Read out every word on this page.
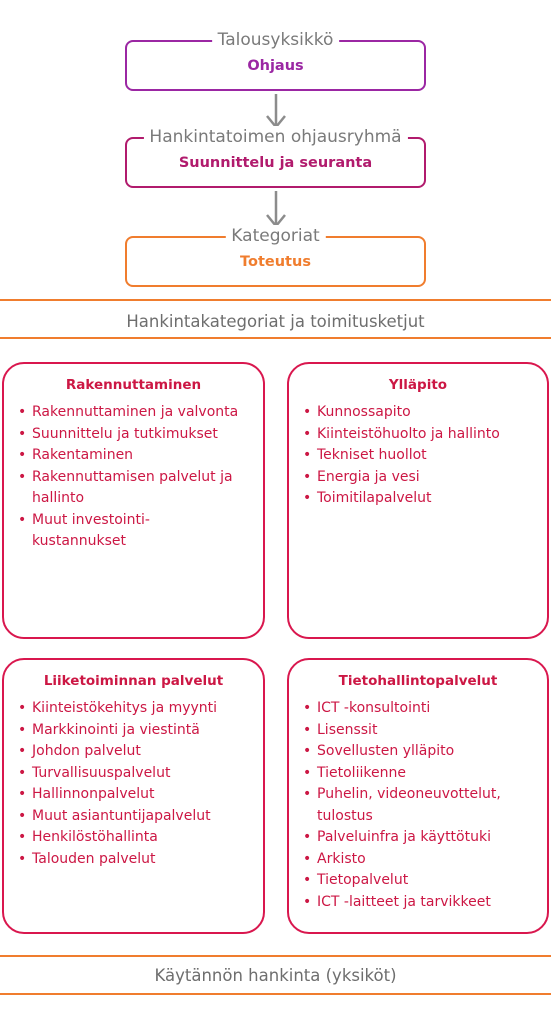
Talousyksikkö
Ohjaus
Hankintatoimen ohjausryhmä
Suunnittelu ja seuranta
Kategoriat
Toteutus
Hankintakategoriat ja toimitusketjut
Rakennuttaminen
• Rakennuttaminen ja valvonta
• Suunnittelu ja tutkimukset
• Rakentaminen
• Rakennuttamisen palvelut ja hallinto
• Muut investointi-kustannukset
Ylläpito
• Kunnossapito
• Kiinteistöhuolto ja hallinto
• Tekniset huollot
• Energia ja vesi
• Toimitilapalvelut
Liiketoiminnan palvelut
• Kiinteistökehitys ja myynti
• Markkinointi ja viestintä
• Johdon palvelut
• Turvallisuuspalvelut
• Hallinnonpalvelut
• Muut asiantuntijapalvelut
• Henkilöstöhallinta
• Talouden palvelut
Tietohallintopalvelut
• ICT -konsultointi
• Lisenssit
• Sovellusten ylläpito
• Tietoliikenne
• Puhelin, videoneuvottelut, tulostus
• Palveluinfra ja käyttötuki
• Arkisto
• Tietopalvelut
• ICT -laitteet ja tarvikkeet
Käytännön hankinta (yksiköt)
